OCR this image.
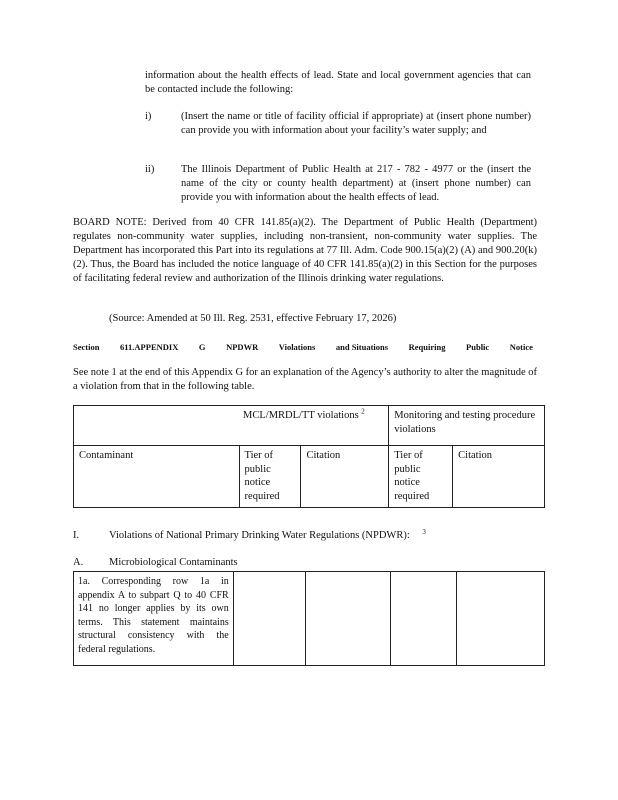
information about the health effects of lead. State and local government agencies that can be contacted include the following:
i)	(Insert the name or title of facility official if appropriate) at (insert phone number) can provide you with information about your facility’s water supply; and
ii)	The Illinois Department of Public Health at 217 - 782 - 4977 or the (insert the name of the city or county health department) at (insert phone number) can provide you with information about the health effects of lead.
BOARD NOTE: Derived from 40 CFR 141.85(a)(2). The Department of Public Health (Department) regulates non-community water supplies, including non-transient, non-community water supplies. The Department has incorporated this Part into its regulations at 77 Ill. Adm. Code 900.15(a)(2) (A) and 900.20(k)(2). Thus, the Board has included the notice language of 40 CFR 141.85(a)(2) in this Section for the purposes of facilitating federal review and authorization of the Illinois drinking water regulations.
(Source: Amended at 50 Ill. Reg. 2531, effective February 17, 2026)
Section 611.APPENDIX G NPDWR Violations and Situations Requiring Public Notice
See note 1 at the end of this Appendix G for an explanation of the Agency’s authority to alter the magnitude of a violation from that in the following table.
	MCL/MRDL/TT violations $^2$		Monitoring and testing procedure violations	
Contaminant	Tier of public notice required	Citation	Tier of public notice required	Citation
I.	Violations of National Primary Drinking Water Regulations (NPDWR): $^3$
A. Microbiological Contaminants
1a. Corresponding row 1a in appendix A to subpart Q to 40 CFR 141 no longer applies by its own terms. This statement maintains structural consistency with the federal regulations.				
